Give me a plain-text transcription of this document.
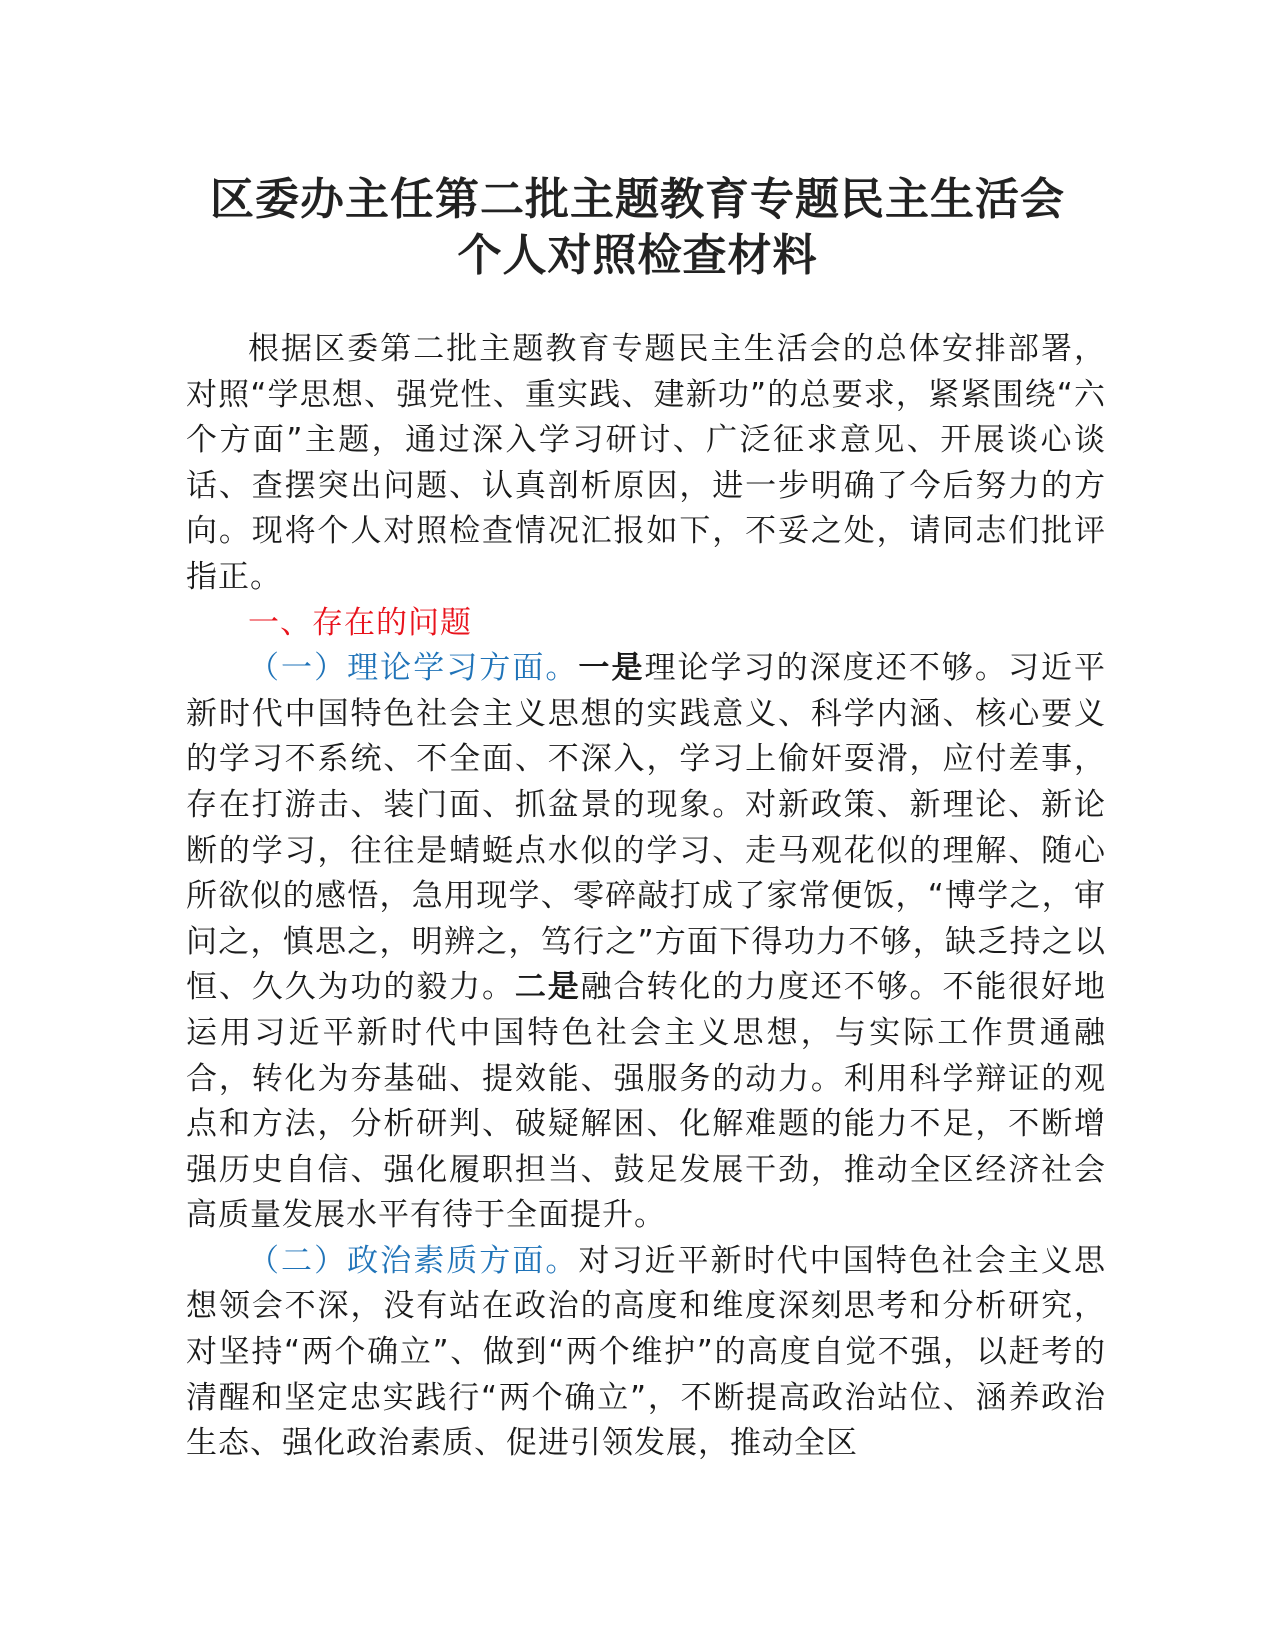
区委办主任第二批主题教育专题民主生活会
个人对照检查材料

根据区委第二批主题教育专题民主生活会的总体安排部署，对照“学思想、强党性、重实践、建新功”的总要求，紧紧围绕“六个方面”主题，通过深入学习研讨、广泛征求意见、开展谈心谈话、查摆突出问题、认真剖析原因，进一步明确了今后努力的方向。现将个人对照检查情况汇报如下，不妥之处，请同志们批评指正。

一、存在的问题

（一）理论学习方面。一是理论学习的深度还不够。习近平新时代中国特色社会主义思想的实践意义、科学内涵、核心要义的学习不系统、不全面、不深入，学习上偷奸耍滑，应付差事，存在打游击、装门面、抓盆景的现象。对新政策、新理论、新论断的学习，往往是蜻蜓点水似的学习、走马观花似的理解、随心所欲似的感悟，急用现学、零碎敲打成了家常便饭，“博学之，审问之，慎思之，明辨之，笃行之”方面下得功力不够，缺乏持之以恒、久久为功的毅力。二是融合转化的力度还不够。不能很好地运用习近平新时代中国特色社会主义思想，与实际工作贯通融合，转化为夯基础、提效能、强服务的动力。利用科学辩证的观点和方法，分析研判、破疑解困、化解难题的能力不足，不断增强历史自信、强化履职担当、鼓足发展干劲，推动全区经济社会高质量发展水平有待于全面提升。

（二）政治素质方面。对习近平新时代中国特色社会主义思想领会不深，没有站在政治的高度和维度深刻思考和分析研究，对坚持“两个确立”、做到“两个维护”的高度自觉不强，以赶考的清醒和坚定忠实践行“两个确立”，不断提高政治站位、涵养政治生态、强化政治素质、促进引领发展，推动全区
